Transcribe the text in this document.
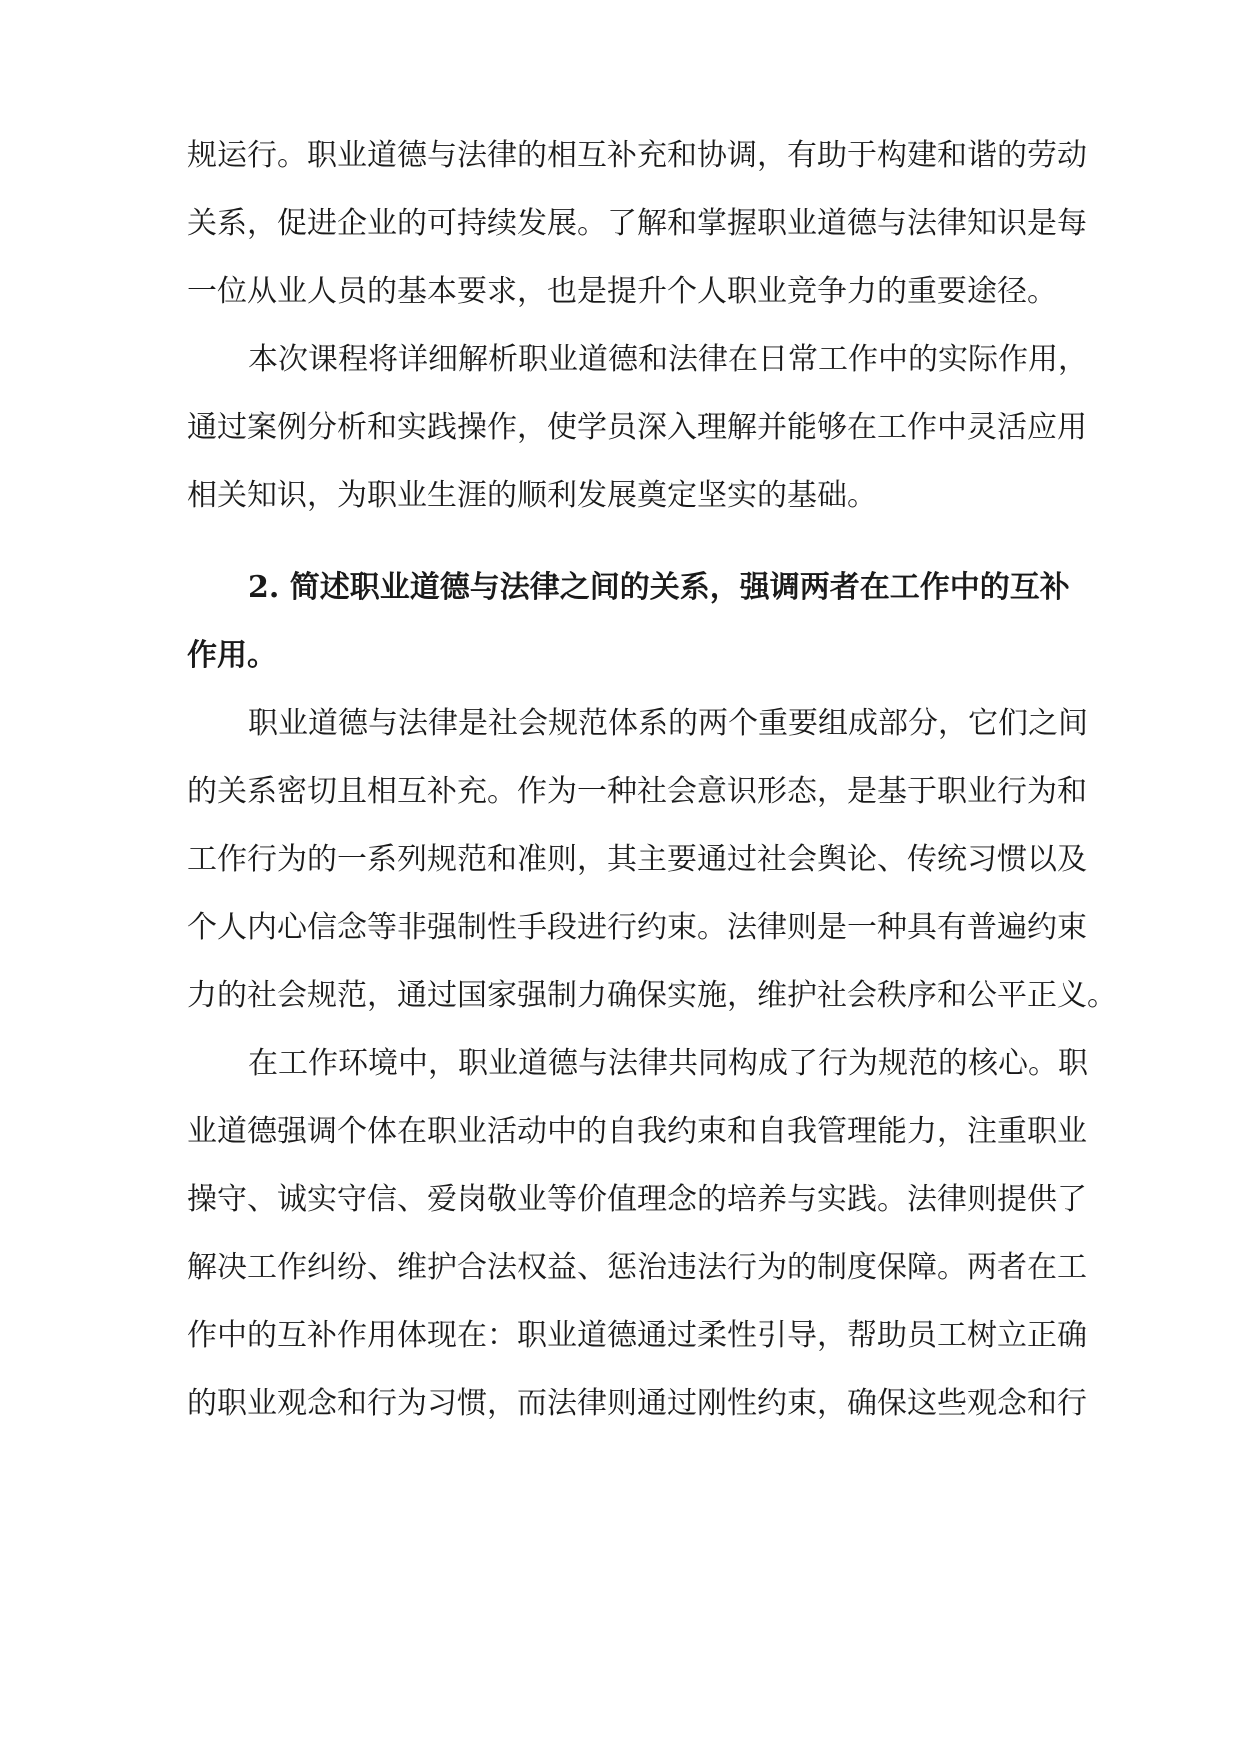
规运行。职业道德与法律的相互补充和协调，有助于构建和谐的劳动
关系，促进企业的可持续发展。了解和掌握职业道德与法律知识是每
一位从业人员的基本要求，也是提升个人职业竞争力的重要途径。
本次课程将详细解析职业道德和法律在日常工作中的实际作用，
通过案例分析和实践操作，使学员深入理解并能够在工作中灵活应用
相关知识，为职业生涯的顺利发展奠定坚实的基础。
2. 简述职业道德与法律之间的关系，强调两者在工作中的互补
作用。
职业道德与法律是社会规范体系的两个重要组成部分，它们之间
的关系密切且相互补充。作为一种社会意识形态，是基于职业行为和
工作行为的一系列规范和准则，其主要通过社会舆论、传统习惯以及
个人内心信念等非强制性手段进行约束。法律则是一种具有普遍约束
力的社会规范，通过国家强制力确保实施，维护社会秩序和公平正义。
在工作环境中，职业道德与法律共同构成了行为规范的核心。职
业道德强调个体在职业活动中的自我约束和自我管理能力，注重职业
操守、诚实守信、爱岗敬业等价值理念的培养与实践。法律则提供了
解决工作纠纷、维护合法权益、惩治违法行为的制度保障。两者在工
作中的互补作用体现在：职业道德通过柔性引导，帮助员工树立正确
的职业观念和行为习惯，而法律则通过刚性约束，确保这些观念和行
